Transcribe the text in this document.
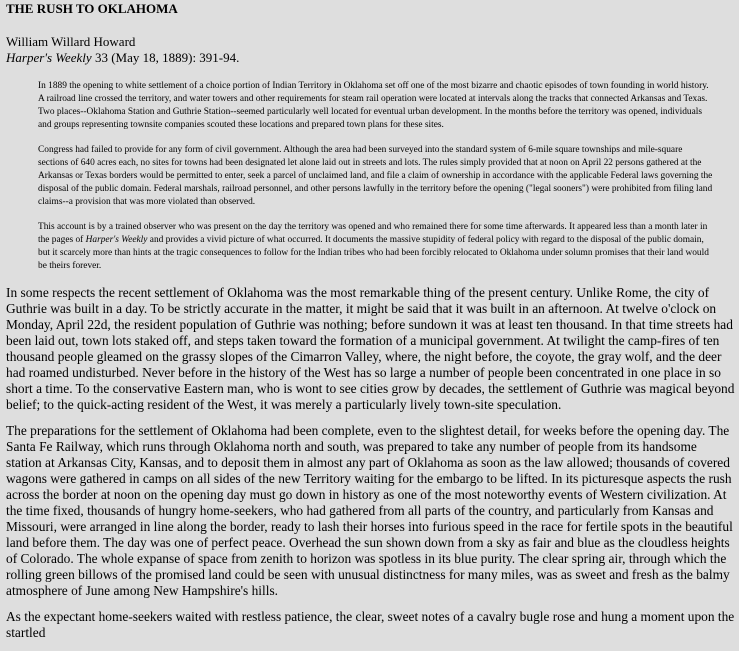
THE RUSH TO OKLAHOMA
William Willard Howard
Harper's Weekly 33 (May 18, 1889): 391-94.

In 1889 the opening to white settlement of a choice portion of Indian Territory in Oklahoma set off one of the most bizarre and chaotic episodes of town founding in world history. A railroad line crossed the territory, and water towers and other requirements for steam rail operation were located at intervals along the tracks that connected Arkansas and Texas. Two places--Oklahoma Station and Guthrie Station--seemed particularly well located for eventual urban development. In the months before the territory was opened, individuals and groups representing townsite companies scouted these locations and prepared town plans for these sites.

Congress had failed to provide for any form of civil government. Although the area had been surveyed into the standard system of 6-mile square townships and mile-square sections of 640 acres each, no sites for towns had been designated let alone laid out in streets and lots. The rules simply provided that at noon on April 22 persons gathered at the Arkansas or Texas borders would be permitted to enter, seek a parcel of unclaimed land, and file a claim of ownership in accordance with the applicable Federal laws governing the disposal of the public domain. Federal marshals, railroad personnel, and other persons lawfully in the territory before the opening ("legal sooners") were prohibited from filing land claims--a provision that was more violated than observed.

This account is by a trained observer who was present on the day the territory was opened and who remained there for some time afterwards. It appeared less than a month later in the pages of Harper's Weekly and provides a vivid picture of what occurred. It documents the massive stupidity of federal policy with regard to the disposal of the public domain, but it scarcely more than hints at the tragic consequences to follow for the Indian tribes who had been forcibly relocated to Oklahoma under solumn promises that their land would be theirs forever.

In some respects the recent settlement of Oklahoma was the most remarkable thing of the present century. Unlike Rome, the city of Guthrie was built in a day. To be strictly accurate in the matter, it might be said that it was built in an afternoon. At twelve o'clock on Monday, April 22d, the resident population of Guthrie was nothing; before sundown it was at least ten thousand. In that time streets had been laid out, town lots staked off, and steps taken toward the formation of a municipal government. At twilight the camp-fires of ten thousand people gleamed on the grassy slopes of the Cimarron Valley, where, the night before, the coyote, the gray wolf, and the deer had roamed undisturbed. Never before in the history of the West has so large a number of people been concentrated in one place in so short a time. To the conservative Eastern man, who is wont to see cities grow by decades, the settlement of Guthrie was magical beyond belief; to the quick-acting resident of the West, it was merely a particularly lively town-site speculation.

The preparations for the settlement of Oklahoma had been complete, even to the slightest detail, for weeks before the opening day. The Santa Fe Railway, which runs through Oklahoma north and south, was prepared to take any number of people from its handsome station at Arkansas City, Kansas, and to deposit them in almost any part of Oklahoma as soon as the law allowed; thousands of covered wagons were gathered in camps on all sides of the new Territory waiting for the embargo to be lifted. In its picturesque aspects the rush across the border at noon on the opening day must go down in history as one of the most noteworthy events of Western civilization. At the time fixed, thousands of hungry home-seekers, who had gathered from all parts of the country, and particularly from Kansas and Missouri, were arranged in line along the border, ready to lash their horses into furious speed in the race for fertile spots in the beautiful land before them. The day was one of perfect peace. Overhead the sun shown down from a sky as fair and blue as the cloudless heights of Colorado. The whole expanse of space from zenith to horizon was spotless in its blue purity. The clear spring air, through which the rolling green billows of the promised land could be seen with unusual distinctness for many miles, was as sweet and fresh as the balmy atmosphere of June among New Hampshire's hills.

As the expectant home-seekers waited with restless patience, the clear, sweet notes of a cavalry bugle rose and hung a moment upon the startled
